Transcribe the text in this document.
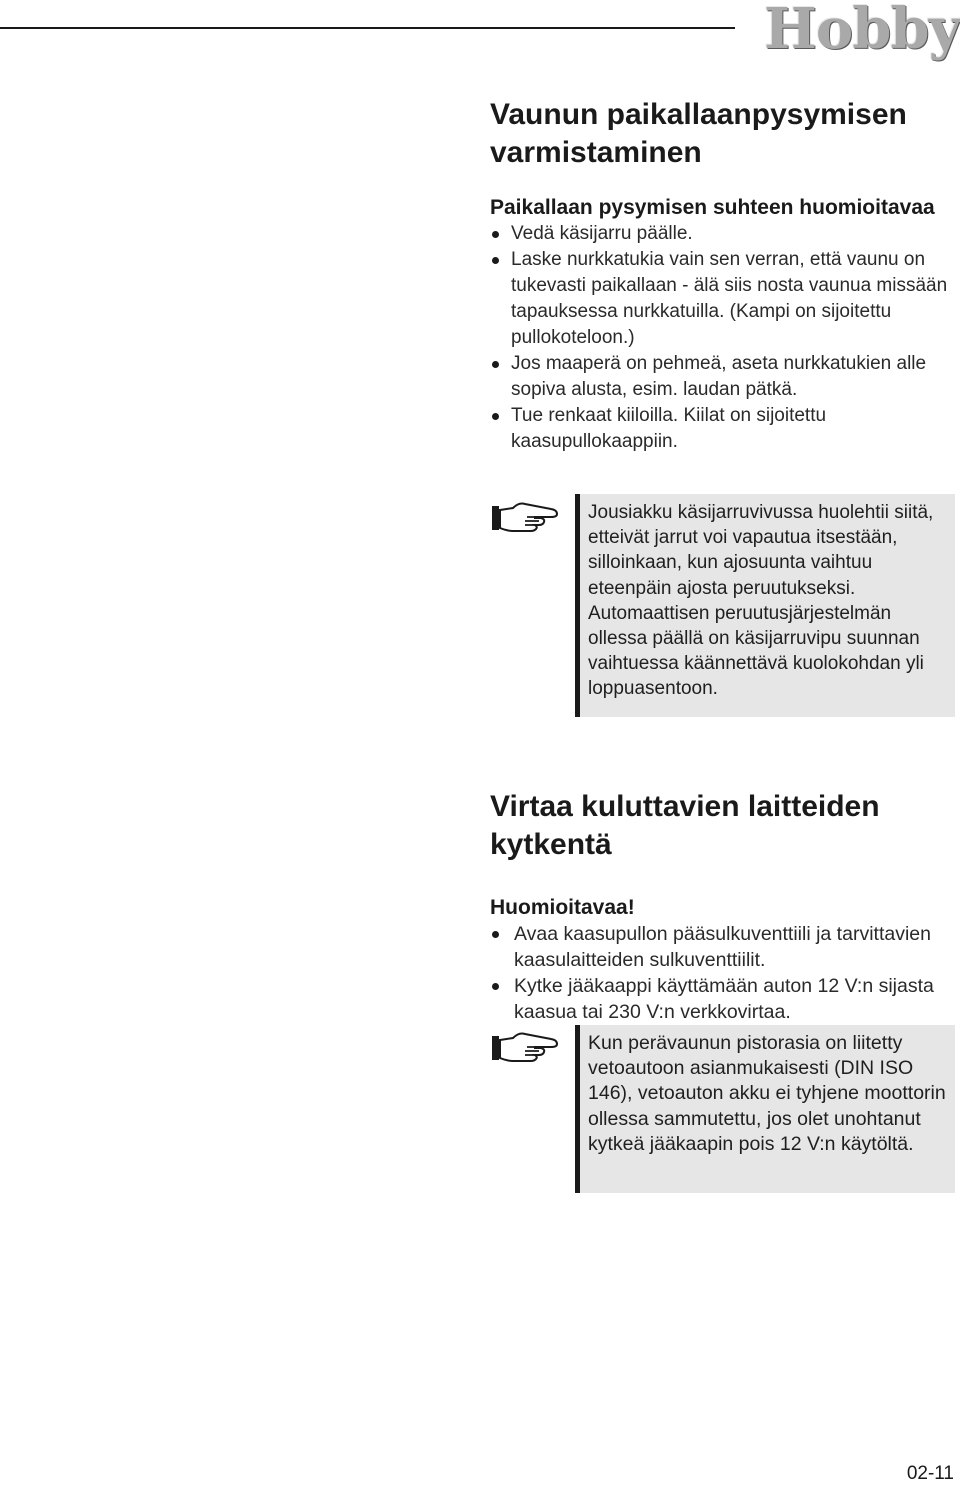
Hobby
Vaunun paikallaanpysymisen varmistaminen
Paikallaan pysymisen suhteen huomioitavaa
Vedä käsijarru päälle.
Laske nurkkatukia vain sen verran, että vaunu on tukevasti paikallaan - älä siis nosta vaunua missään tapauksessa nurkkatuilla. (Kampi on sijoitettu pullokoteloon.)
Jos maaperä on pehmeä, aseta nurkkatukien alle sopiva alusta, esim. laudan pätkä.
Tue renkaat kiiloilla. Kiilat on sijoitettu kaasupullokaappiin.
Jousiakku käsijarruvivussa huolehtii siitä, etteivät jarrut voi vapautua itsestään, silloinkaan, kun ajosuunta vaihtuu eteenpäin ajosta peruutukseksi. Automaattisen peruutusjärjestelmän ollessa päällä on käsijarruvipu suunnan vaihtuessa käännettävä kuolokohdan yli loppuasentoon.
Virtaa kuluttavien laitteiden kytkentä
Huomioitavaa!
Avaa kaasupullon pääsulkuventtiili ja tarvittavien kaasulaitteiden sulkuventtiilit.
Kytke jääkaappi käyttämään auton 12 V:n sijasta kaasua tai 230 V:n verkkovirtaa.
Kun perävaunun pistorasia on liitetty vetoautoon asianmukaisesti (DIN ISO 146), vetoauton akku ei tyhjene moottorin ollessa sammutettu, jos olet unohtanut kytkeä jääkaapin pois 12 V:n käytöltä.
02-11
